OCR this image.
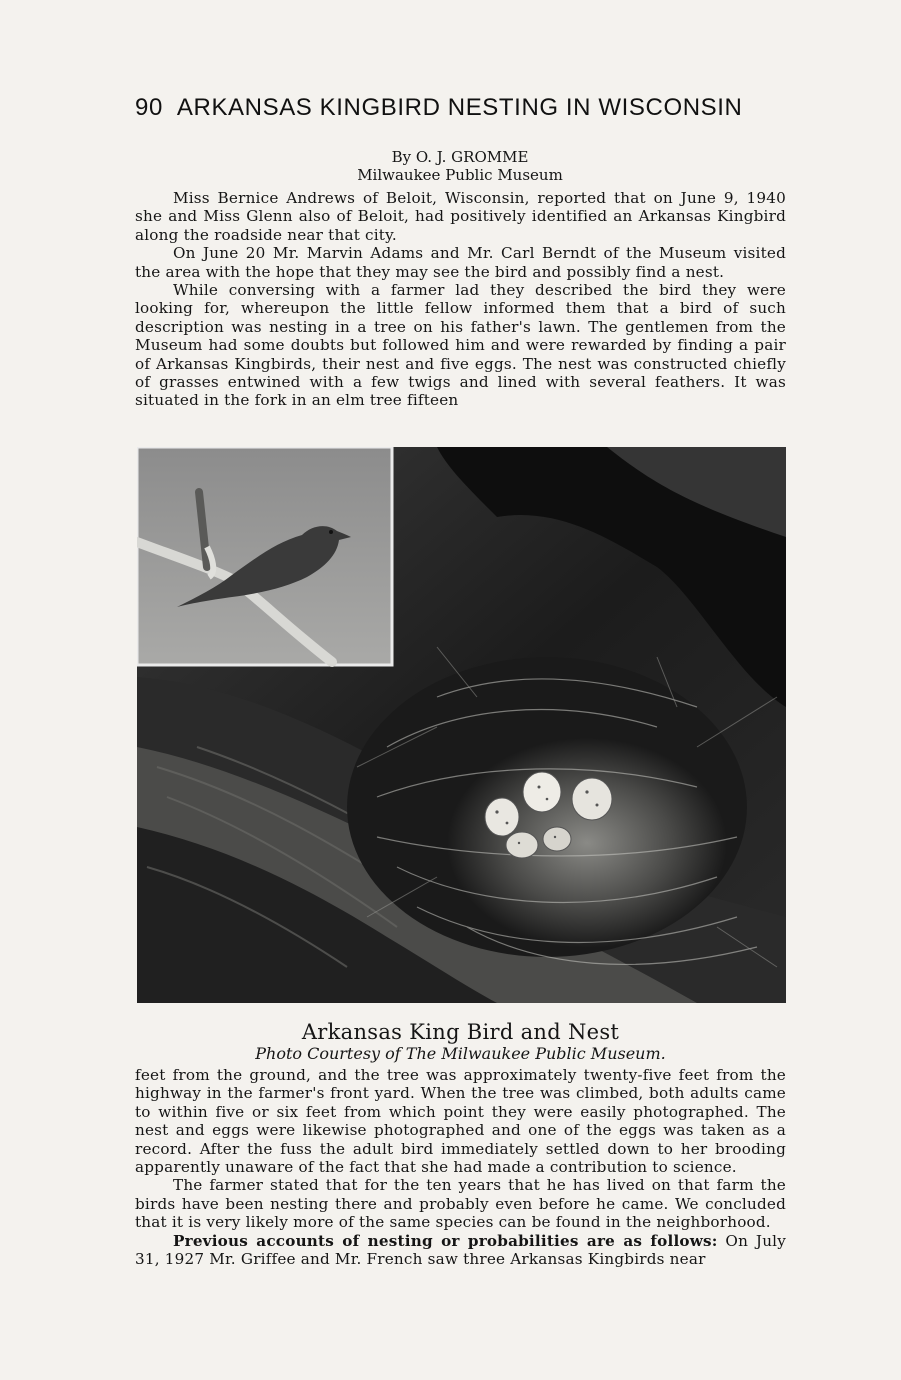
90 ARKANSAS KINGBIRD NESTING IN WISCONSIN
By O. J. GROMME
Milwaukee Public Museum

Miss Bernice Andrews of Beloit, Wisconsin, reported that on June 9, 1940 she and Miss Glenn also of Beloit, had positively identified an Arkansas Kingbird along the roadside near that city.

On June 20 Mr. Marvin Adams and Mr. Carl Berndt of the Museum visited the area with the hope that they may see the bird and possibly find a nest.

While conversing with a farmer lad they described the bird they were looking for, whereupon the little fellow informed them that a bird of such description was nesting in a tree on his father's lawn. The gentlemen from the Museum had some doubts but followed him and were rewarded by finding a pair of Arkansas Kingbirds, their nest and five eggs. The nest was constructed chiefly of grasses entwined with a few twigs and lined with several feathers. It was situated in the fork in an elm tree fifteen

Arkansas King Bird and Nest
Photo Courtesy of The Milwaukee Public Museum.

feet from the ground, and the tree was approximately twenty-five feet from the highway in the farmer's front yard. When the tree was climbed, both adults came to within five or six feet from which point they were easily photographed. The nest and eggs were likewise photographed and one of the eggs was taken as a record. After the fuss the adult bird immediately settled down to her brooding apparently unaware of the fact that she had made a contribution to science.

The farmer stated that for the ten years that he has lived on that farm the birds have been nesting there and probably even before he came. We concluded that it is very likely more of the same species can be found in the neighborhood.

Previous accounts of nesting or probabilities are as follows: On July 31, 1927 Mr. Griffee and Mr. French saw three Arkansas Kingbirds near
